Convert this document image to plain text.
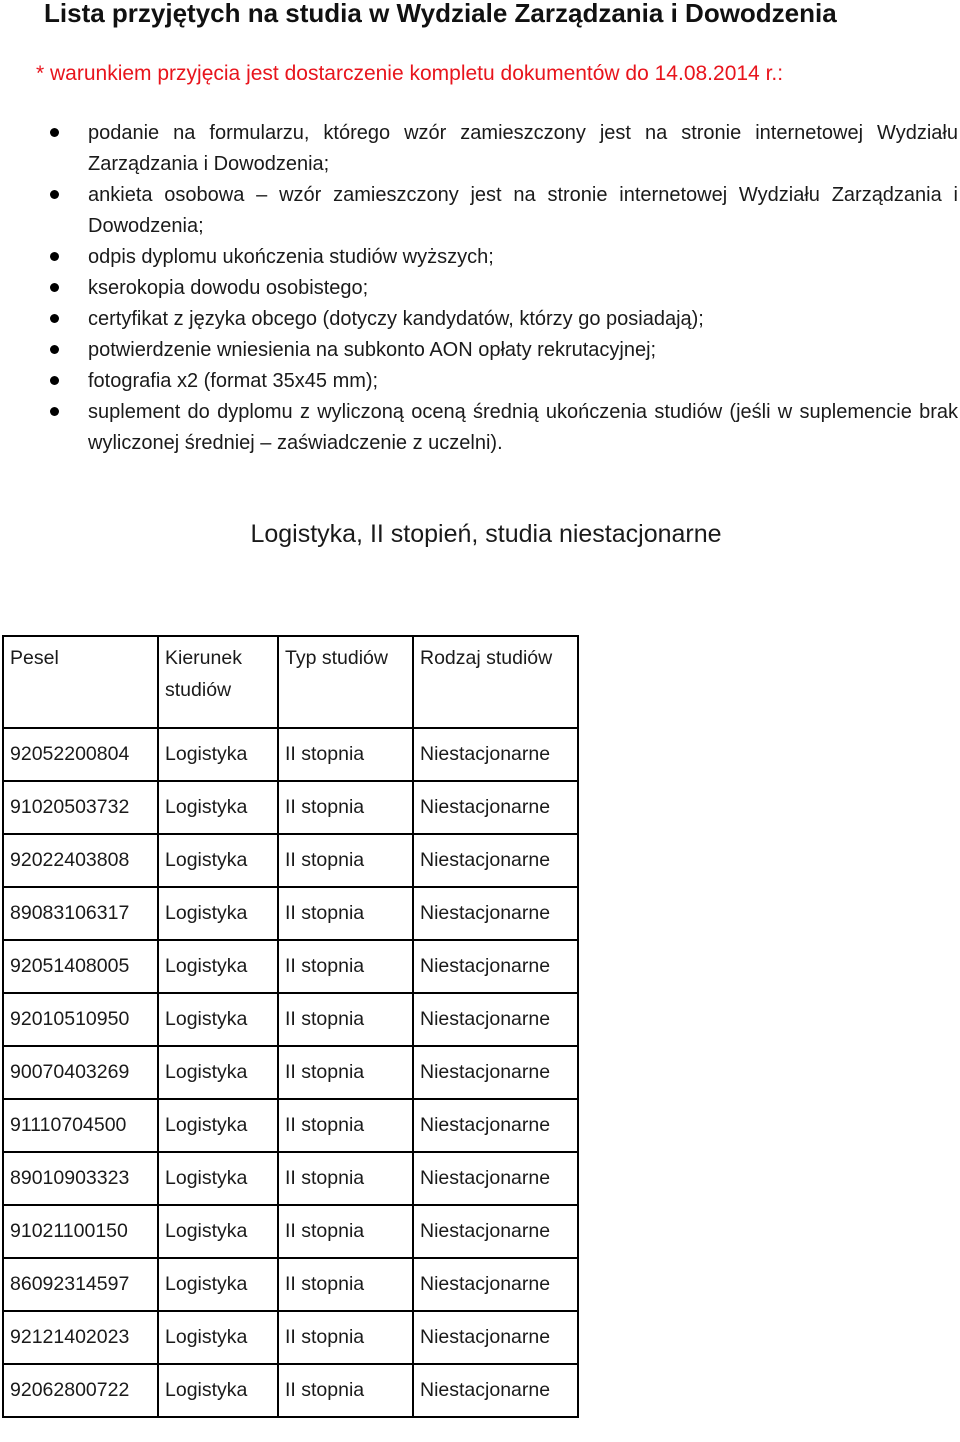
Lista przyjętych na studia w Wydziale Zarządzania i Dowodzenia
* warunkiem przyjęcia jest dostarczenie kompletu dokumentów do 14.08.2014 r.:
podanie na formularzu, którego wzór zamieszczony jest na stronie internetowej Wydziału Zarządzania i Dowodzenia;
ankieta osobowa – wzór zamieszczony jest na stronie internetowej Wydziału Zarządzania i Dowodzenia;
odpis dyplomu ukończenia studiów wyższych;
kserokopia dowodu osobistego;
certyfikat z języka obcego (dotyczy kandydatów, którzy go posiadają);
potwierdzenie wniesienia na subkonto AON opłaty rekrutacyjnej;
fotografia x2 (format 35x45 mm);
suplement do dyplomu z wyliczoną oceną średnią ukończenia studiów (jeśli w suplemencie brak wyliczonej średniej – zaświadczenie z uczelni).
Logistyka, II stopień, studia niestacjonarne
Pesel	Kierunek studiów	Typ studiów	Rodzaj studiów
92052200804	Logistyka	II stopnia	Niestacjonarne
91020503732	Logistyka	II stopnia	Niestacjonarne
92022403808	Logistyka	II stopnia	Niestacjonarne
89083106317	Logistyka	II stopnia	Niestacjonarne
92051408005	Logistyka	II stopnia	Niestacjonarne
92010510950	Logistyka	II stopnia	Niestacjonarne
90070403269	Logistyka	II stopnia	Niestacjonarne
91110704500	Logistyka	II stopnia	Niestacjonarne
89010903323	Logistyka	II stopnia	Niestacjonarne
91021100150	Logistyka	II stopnia	Niestacjonarne
86092314597	Logistyka	II stopnia	Niestacjonarne
92121402023	Logistyka	II stopnia	Niestacjonarne
92062800722	Logistyka	II stopnia	Niestacjonarne
